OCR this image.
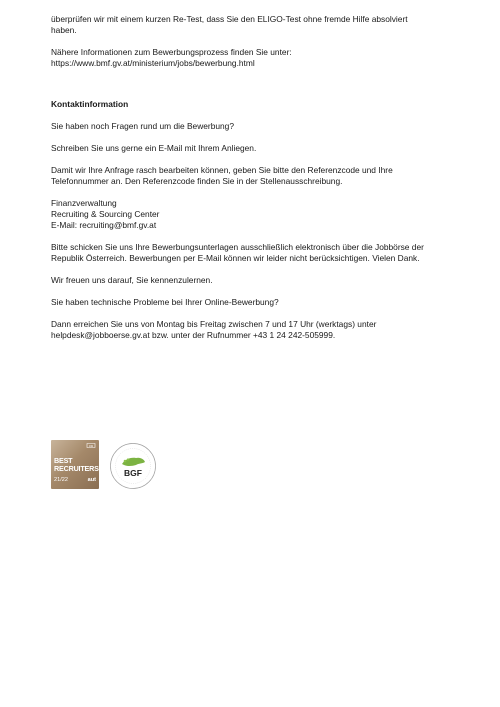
überprüfen wir mit einem kurzen Re-Test, dass Sie den ELIGO-Test ohne fremde Hilfe absolviert

haben.

Nähere Informationen zum Bewerbungsprozess finden Sie unter:

https://www.bmf.gv.at/ministerium/jobs/bewerbung.html

Kontaktinformation

Sie haben noch Fragen rund um die Bewerbung?

Schreiben Sie uns gerne ein E-Mail mit Ihrem Anliegen.

Damit wir Ihre Anfrage rasch bearbeiten können, geben Sie bitte den Referenzcode und Ihre

Telefonnummer an. Den Referenzcode finden Sie in der Stellenausschreibung.

Finanzverwaltung

Recruiting & Sourcing Center

E-Mail: recruiting@bmf.gv.at

Bitte schicken Sie uns Ihre Bewerbungsunterlagen ausschließlich elektronisch über die Jobbörse der

Republik Österreich. Bewerbungen per E-Mail können wir leider nicht berücksichtigen. Vielen Dank.

Wir freuen uns darauf, Sie kennenzulernen.

Sie haben technische Probleme bei Ihrer Online-Bewerbung?

Dann erreichen Sie uns von Montag bis Freitag zwischen 7 und 17 Uhr (werktags) unter

helpdesk@jobboerse.gv.at bzw. unter der Rufnummer +43 1 24 242-505999.

ca
BEST
RECRUITERS
21/22	aut
BGF
